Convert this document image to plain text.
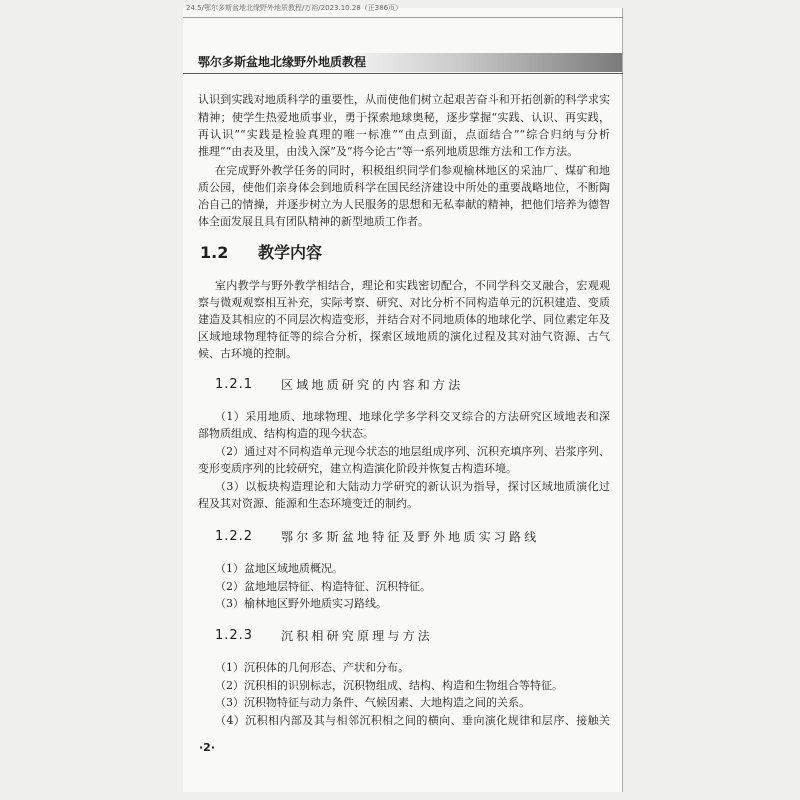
24.5/鄂尔多斯盆地北缘野外地质教程/万裕/2023.10.28（正386页）
鄂尔多斯盆地北缘野外地质教程
认识到实践对地质科学的重要性，从而使他们树立起艰苦奋斗和开拓创新的科学求实
精神；使学生热爱地质事业，勇于探索地球奥秘，逐步掌握“实践、认识、再实践，
再认识”“实践是检验真理的唯一标准”“由点到面，点面结合”“综合归纳与分析
推理”“由表及里，由浅入深”及“将今论古”等一系列地质思维方法和工作方法。
在完成野外教学任务的同时，积极组织同学们参观榆林地区的采油厂、煤矿和地
质公园，使他们亲身体会到地质科学在国民经济建设中所处的重要战略地位，不断陶
冶自己的情操，并逐步树立为人民服务的思想和无私奉献的精神，把他们培养为德智
体全面发展且具有团队精神的新型地质工作者。
1.2 教学内容
室内教学与野外教学相结合，理论和实践密切配合，不同学科交叉融合，宏观观
察与微观观察相互补充，实际考察、研究、对比分析不同构造单元的沉积建造、变质
建造及其相应的不同层次构造变形，并结合对不同地质体的地球化学、同位素定年及
区域地球物理特征等的综合分析，探索区域地质的演化过程及其对油气资源、古气
候、古环境的控制。
1.2.1 区域地质研究的内容和方法
（1）采用地质、地球物理、地球化学多学科交叉综合的方法研究区域地表和深
部物质组成、结构构造的现今状态。
（2）通过对不同构造单元现今状态的地层组成序列、沉积充填序列、岩浆序列、
变形变质序列的比较研究，建立构造演化阶段并恢复古构造环境。
（3）以板块构造理论和大陆动力学研究的新认识为指导，探讨区域地质演化过
程及其对资源、能源和生态环境变迁的制约。
1.2.2 鄂尔多斯盆地特征及野外地质实习路线
（1）盆地区域地质概况。
（2）盆地地层特征、构造特征、沉积特征。
（3）榆林地区野外地质实习路线。
1.2.3 沉积相研究原理与方法
（1）沉积体的几何形态、产状和分布。
（2）沉积相的识别标志，沉积物组成、结构、构造和生物组合等特征。
（3）沉积物特征与动力条件、气候因素、大地构造之间的关系。
（4）沉积相内部及其与相邻沉积相之间的横向、垂向演化规律和层序、接触关
·2·
